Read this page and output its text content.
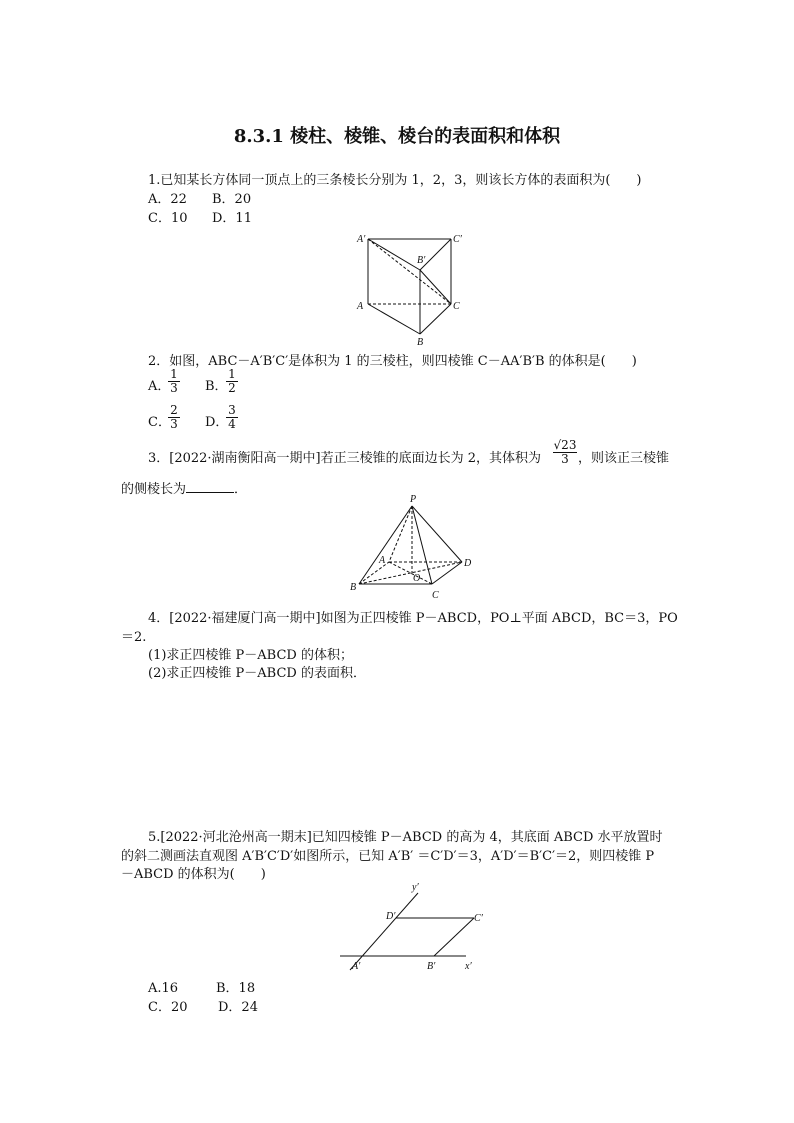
8.3.1 棱柱、棱锥、棱台的表面积和体积
1.已知某长方体同一顶点上的三条棱长分别为 1，2，3，则该长方体的表面积为(　　)
A．22 B．20
C．10 D．11
A′	C′
B′
A	C
B
2．如图，ABC－A′B′C′是体积为 1 的三棱柱，则四棱锥 C－AA′B′B 的体积是(　　)
A．
$\frac{1}{3}$ B．
$\frac{1}{2}$
C．
$\frac{2}{3}$ D．
$\frac{3}{4}$
3．[2022·湖南衡阳高一期中]若正三棱锥的底面边长为 2，其体积为 $\frac{√23}{3}$ ，则该正三棱锥
的侧棱长为	．
P
A	D
B
C
O
4．[2022·福建厦门高一期中]如图为正四棱锥 P－ABCD，PO⊥平面 ABCD，BC＝3，PO
＝2.
(1)求正四棱锥 P－ABCD 的体积；
(2)求正四棱锥 P－ABCD 的表面积．
5.[2022·河北沧州高一期末]已知四棱锥 P－ABCD 的高为 4，其底面 ABCD 水平放置时
的斜二测画法直观图 A′B′C′D′如图所示，已知 A′B′ ＝C′D′＝3，A′D′＝B′C′＝2，则四棱锥 P
－ABCD 的体积为(　　)
y′
x′
A′	B′
C′
D′
A.16	B．18
C．20 D．24
